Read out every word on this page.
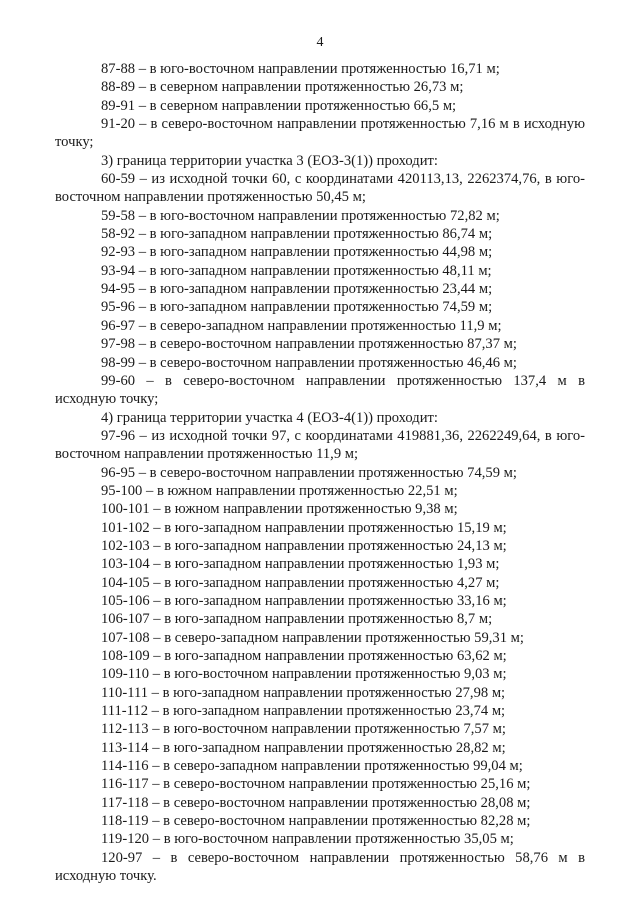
4

87-88 – в юго-восточном направлении протяженностью 16,71 м;

88-89 – в северном направлении протяженностью 26,73 м;

89-91 – в северном направлении протяженностью 66,5 м;

91-20 – в северо-восточном направлении протяженностью 7,16 м в исходную точку;

3) граница территории участка 3 (ЕОЗ-3(1)) проходит:

60-59 – из исходной точки 60, с координатами 420113,13, 2262374,76, в юго-восточном направлении протяженностью 50,45 м;

59-58 – в юго-восточном направлении протяженностью 72,82 м;

58-92 – в юго-западном направлении протяженностью 86,74 м;

92-93 – в юго-западном направлении протяженностью 44,98 м;

93-94 – в юго-западном направлении протяженностью 48,11 м;

94-95 – в юго-западном направлении протяженностью 23,44 м;

95-96 – в юго-западном направлении протяженностью 74,59 м;

96-97 – в северо-западном направлении протяженностью 11,9 м;

97-98 – в северо-восточном направлении протяженностью 87,37 м;

98-99 – в северо-восточном направлении протяженностью 46,46 м;

99-60 – в северо-восточном направлении протяженностью 137,4 м в исходную точку;

4) граница территории участка 4 (ЕОЗ-4(1)) проходит:

97-96 – из исходной точки 97, с координатами 419881,36, 2262249,64, в юго-восточном направлении протяженностью 11,9 м;

96-95 – в северо-восточном направлении протяженностью 74,59 м;

95-100 – в южном направлении протяженностью 22,51 м;

100-101 – в южном направлении протяженностью 9,38 м;

101-102 – в юго-западном направлении протяженностью 15,19 м;

102-103 – в юго-западном направлении протяженностью 24,13 м;

103-104 – в юго-западном направлении протяженностью 1,93 м;

104-105 – в юго-западном направлении протяженностью 4,27 м;

105-106 – в юго-западном направлении протяженностью 33,16 м;

106-107 – в юго-западном направлении протяженностью 8,7 м;

107-108 – в северо-западном направлении протяженностью 59,31 м;

108-109 – в юго-западном направлении протяженностью 63,62 м;

109-110 – в юго-восточном направлении протяженностью 9,03 м;

110-111 – в юго-западном направлении протяженностью 27,98 м;

111-112 – в юго-западном направлении протяженностью 23,74 м;

112-113 – в юго-восточном направлении протяженностью 7,57 м;

113-114 – в юго-западном направлении протяженностью 28,82 м;

114-116 – в северо-западном направлении протяженностью 99,04 м;

116-117 – в северо-восточном направлении протяженностью 25,16 м;

117-118 – в северо-восточном направлении протяженностью 28,08 м;

118-119 – в северо-восточном направлении протяженностью 82,28 м;

119-120 – в юго-восточном направлении протяженностью 35,05 м;

120-97 – в северо-восточном направлении протяженностью 58,76 м в исходную точку.
